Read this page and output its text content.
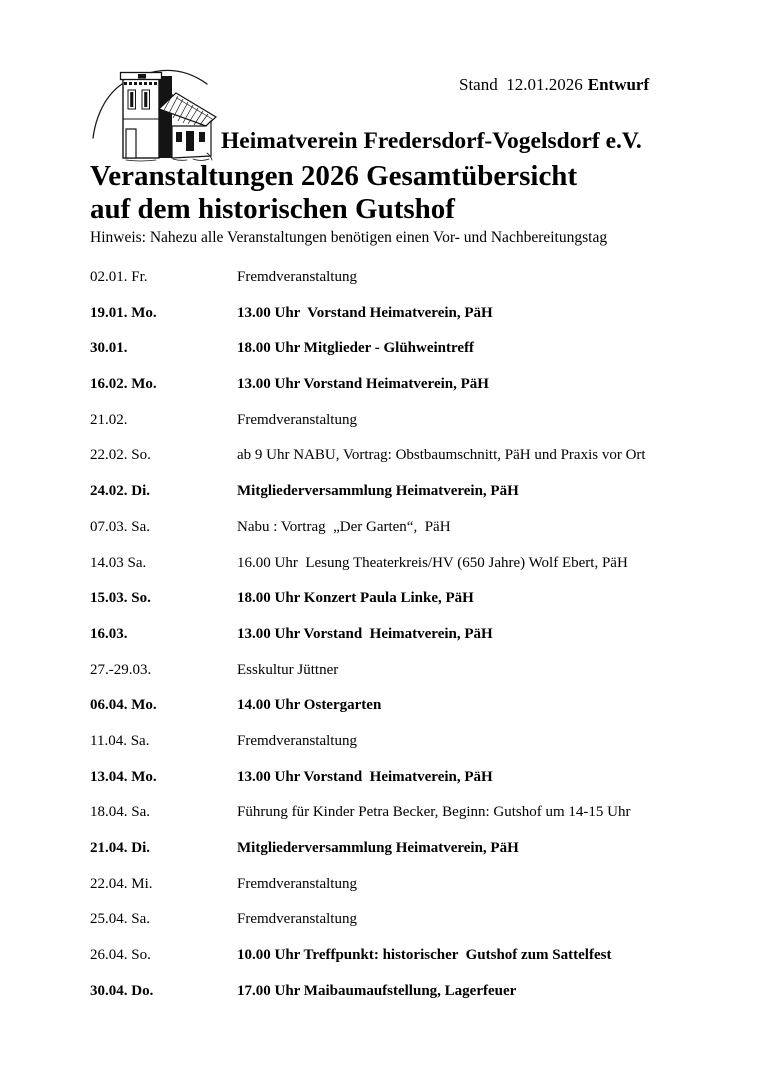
Stand  12.01.2026 Entwurf

Heimatverein Fredersdorf-Vogelsdorf e.V.
Veranstaltungen 2026 Gesamtübersicht
auf dem historischen Gutshof
Hinweis: Nahezu alle Veranstaltungen benötigen einen Vor- und Nachbereitungstag
02.01. Fr.	Fremdveranstaltung
19.01. Mo.	13.00 Uhr  Vorstand Heimatverein, PäH
30.01.	18.00 Uhr Mitglieder - Glühweintreff
16.02. Mo.	13.00 Uhr Vorstand Heimatverein, PäH
21.02.	Fremdveranstaltung
22.02. So.	ab 9 Uhr NABU, Vortrag: Obstbaumschnitt, PäH und Praxis vor Ort
24.02. Di.	Mitgliederversammlung Heimatverein, PäH
07.03. Sa.	Nabu : Vortrag  „Der Garten“,  PäH
14.03 Sa.	16.00 Uhr  Lesung Theaterkreis/HV (650 Jahre) Wolf Ebert, PäH
15.03. So.	18.00 Uhr Konzert Paula Linke, PäH
16.03.	13.00 Uhr Vorstand  Heimatverein, PäH
27.-29.03.	Esskultur Jüttner
06.04. Mo.	14.00 Uhr Ostergarten
11.04. Sa.	Fremdveranstaltung
13.04. Mo.	13.00 Uhr Vorstand  Heimatverein, PäH
18.04. Sa.	Führung für Kinder Petra Becker, Beginn: Gutshof um 14-15 Uhr
21.04. Di.	Mitgliederversammlung Heimatverein, PäH
22.04. Mi.	Fremdveranstaltung
25.04. Sa.	Fremdveranstaltung
26.04. So.	10.00 Uhr Treffpunkt: historischer  Gutshof zum Sattelfest
30.04. Do.	17.00 Uhr Maibaumaufstellung, Lagerfeuer
